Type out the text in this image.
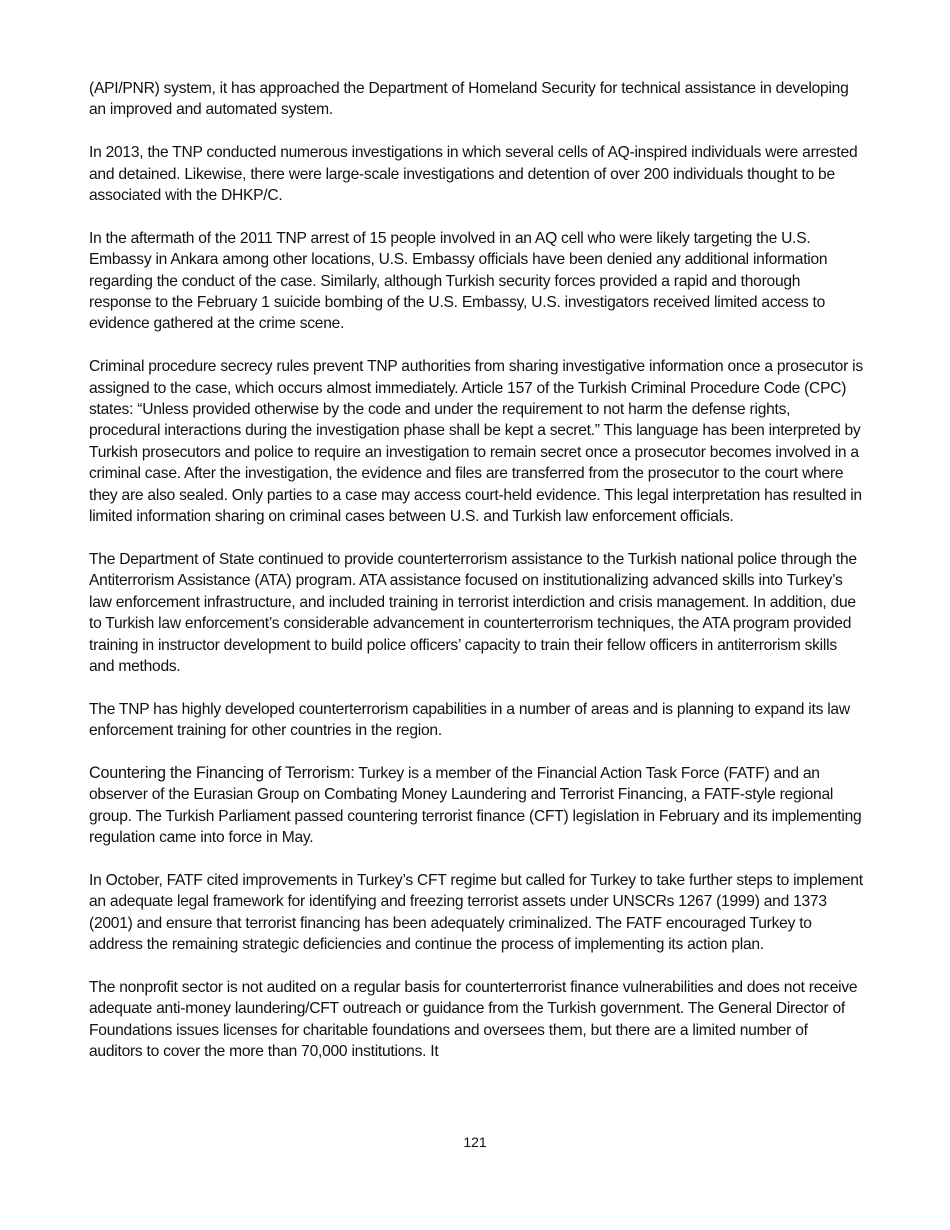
(API/PNR) system, it has approached the Department of Homeland Security for technical assistance in developing an improved and automated system.

In 2013, the TNP conducted numerous investigations in which several cells of AQ-inspired individuals were arrested and detained. Likewise, there were large-scale investigations and detention of over 200 individuals thought to be associated with the DHKP/C.

In the aftermath of the 2011 TNP arrest of 15 people involved in an AQ cell who were likely targeting the U.S. Embassy in Ankara among other locations, U.S. Embassy officials have been denied any additional information regarding the conduct of the case. Similarly, although Turkish security forces provided a rapid and thorough response to the February 1 suicide bombing of the U.S. Embassy, U.S. investigators received limited access to evidence gathered at the crime scene.

Criminal procedure secrecy rules prevent TNP authorities from sharing investigative information once a prosecutor is assigned to the case, which occurs almost immediately. Article 157 of the Turkish Criminal Procedure Code (CPC) states: “Unless provided otherwise by the code and under the requirement to not harm the defense rights, procedural interactions during the investigation phase shall be kept a secret.” This language has been interpreted by Turkish prosecutors and police to require an investigation to remain secret once a prosecutor becomes involved in a criminal case. After the investigation, the evidence and files are transferred from the prosecutor to the court where they are also sealed. Only parties to a case may access court-held evidence. This legal interpretation has resulted in limited information sharing on criminal cases between U.S. and Turkish law enforcement officials.

The Department of State continued to provide counterterrorism assistance to the Turkish national police through the Antiterrorism Assistance (ATA) program. ATA assistance focused on institutionalizing advanced skills into Turkey’s law enforcement infrastructure, and included training in terrorist interdiction and crisis management. In addition, due to Turkish law enforcement’s considerable advancement in counterterrorism techniques, the ATA program provided training in instructor development to build police officers’ capacity to train their fellow officers in antiterrorism skills and methods.

The TNP has highly developed counterterrorism capabilities in a number of areas and is planning to expand its law enforcement training for other countries in the region.

Countering the Financing of Terrorism: Turkey is a member of the Financial Action Task Force (FATF) and an observer of the Eurasian Group on Combating Money Laundering and Terrorist Financing, a FATF-style regional group. The Turkish Parliament passed countering terrorist finance (CFT) legislation in February and its implementing regulation came into force in May.

In October, FATF cited improvements in Turkey’s CFT regime but called for Turkey to take further steps to implement an adequate legal framework for identifying and freezing terrorist assets under UNSCRs 1267 (1999) and 1373 (2001) and ensure that terrorist financing has been adequately criminalized. The FATF encouraged Turkey to address the remaining strategic deficiencies and continue the process of implementing its action plan.

The nonprofit sector is not audited on a regular basis for counterterrorist finance vulnerabilities and does not receive adequate anti-money laundering/CFT outreach or guidance from the Turkish government. The General Director of Foundations issues licenses for charitable foundations and oversees them, but there are a limited number of auditors to cover the more than 70,000 institutions. It

121
